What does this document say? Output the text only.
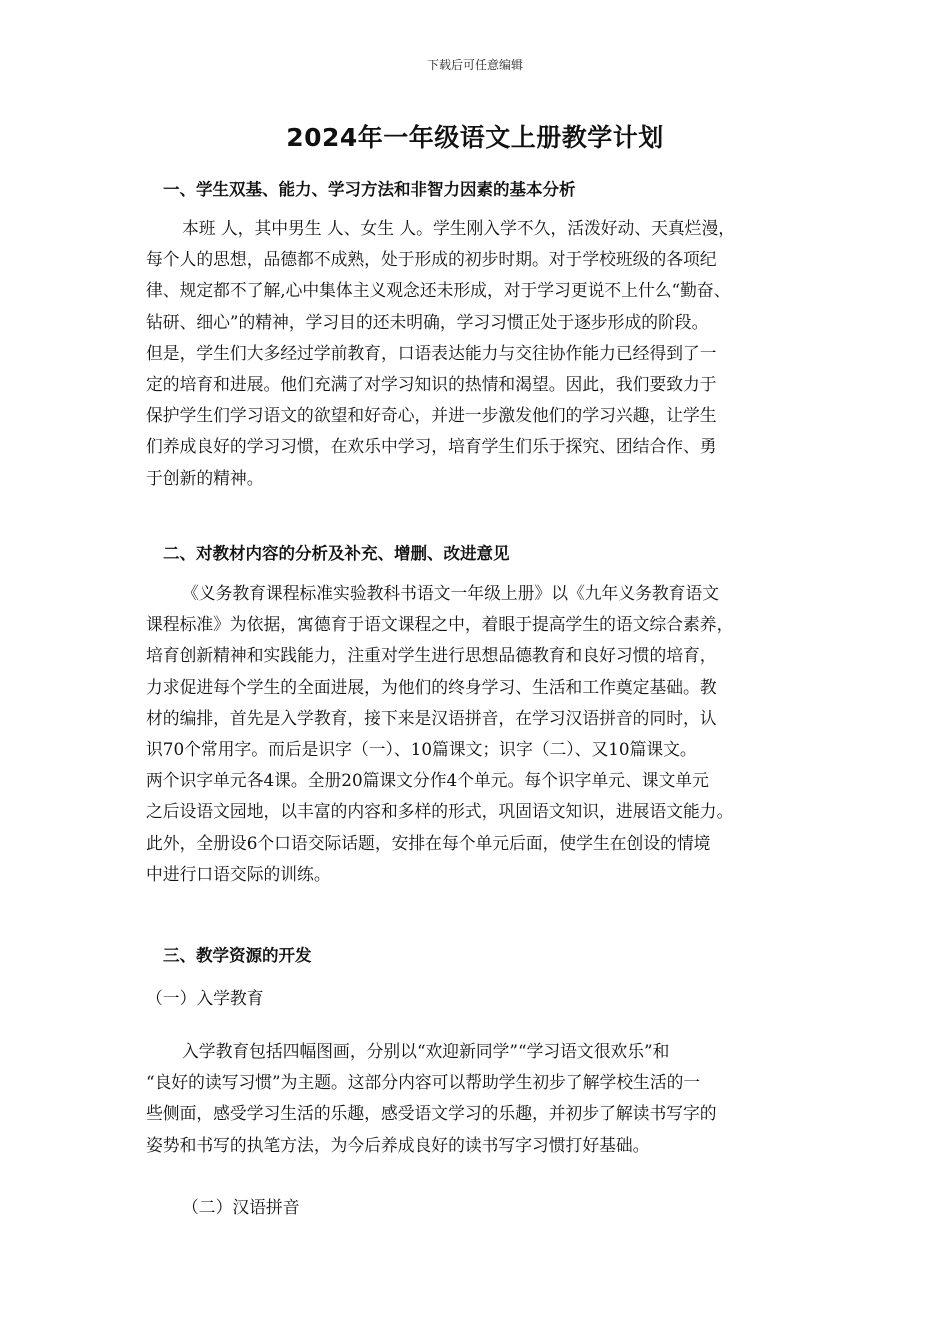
下载后可任意编辑
2024年一年级语文上册教学计划
一、学生双基、能力、学习方法和非智力因素的基本分析
本班 人，其中男生 人、女生 人。学生刚入学不久，活泼好动、天真烂漫，
每个人的思想，品德都不成熟，处于形成的初步时期。对于学校班级的各项纪
律、规定都不了解,心中集体主义观念还未形成，对于学习更说不上什么“勤奋、
钻研、细心”的精神，学习目的还未明确，学习习惯正处于逐步形成的阶段。
但是，学生们大多经过学前教育，口语表达能力与交往协作能力已经得到了一
定的培育和进展。他们充满了对学习知识的热情和渴望。因此，我们要致力于
保护学生们学习语文的欲望和好奇心，并进一步激发他们的学习兴趣，让学生
们养成良好的学习习惯，在欢乐中学习，培育学生们乐于探究、团结合作、勇
于创新的精神。
二、对教材内容的分析及补充、增删、改进意见
《义务教育课程标准实验教科书语文一年级上册》以《九年义务教育语文
课程标准》为依据，寓德育于语文课程之中，着眼于提高学生的语文综合素养，
培育创新精神和实践能力，注重对学生进行思想品德教育和良好习惯的培育，
力求促进每个学生的全面进展，为他们的终身学习、生活和工作奠定基础。教
材的编排，首先是入学教育，接下来是汉语拼音，在学习汉语拼音的同时，认
识70个常用字。而后是识字（一）、10篇课文；识字（二）、又10篇课文。
两个识字单元各4课。全册20篇课文分作4个单元。每个识字单元、课文单元
之后设语文园地，以丰富的内容和多样的形式，巩固语文知识，进展语文能力。
此外，全册设6个口语交际话题，安排在每个单元后面，使学生在创设的情境
中进行口语交际的训练。
三、教学资源的开发
（一）入学教育
入学教育包括四幅图画，分别以“欢迎新同学”“学习语文很欢乐”和
“良好的读写习惯”为主题。这部分内容可以帮助学生初步了解学校生活的一
些侧面，感受学习生活的乐趣，感受语文学习的乐趣，并初步了解读书写字的
姿势和书写的执笔方法，为今后养成良好的读书写字习惯打好基础。
（二）汉语拼音
